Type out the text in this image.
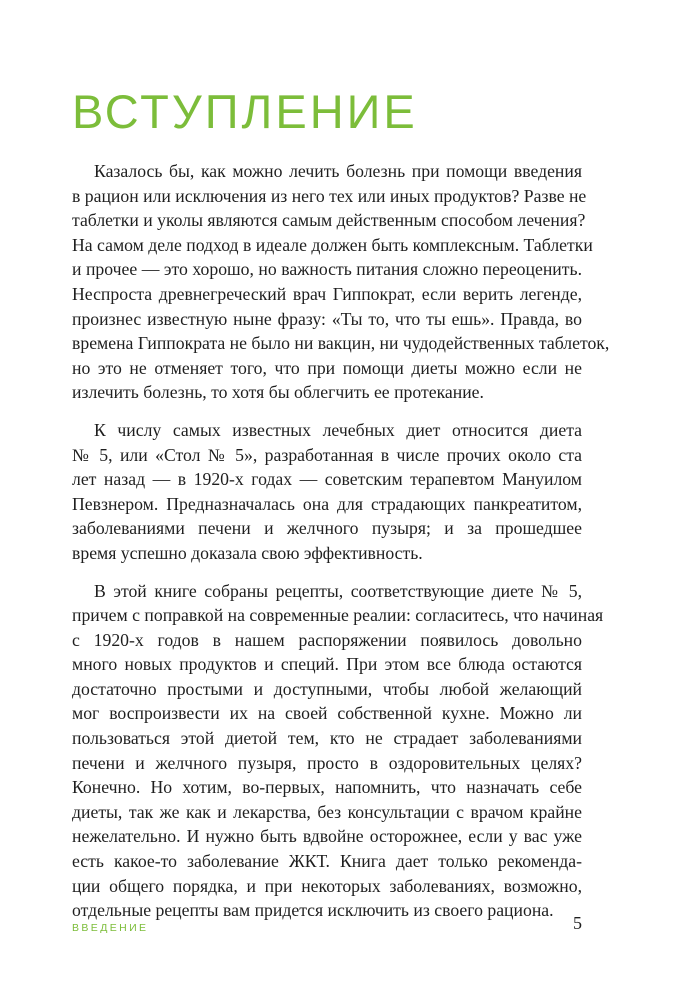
ВСТУПЛЕНИЕ

Казалось бы, как можно лечить болезнь при помощи введения
в рацион или исключения из него тех или иных продуктов? Разве не
таблетки и уколы являются самым действенным способом лечения?
На самом деле подход в идеале должен быть комплексным. Таблетки
и прочее — это хорошо, но важность питания сложно переоценить.
Неспроста древнегреческий врач Гиппократ, если верить легенде,
произнес известную ныне фразу: «Ты то, что ты ешь». Правда, во
времена Гиппократа не было ни вакцин, ни чудодейственных таблеток,
но это не отменяет того, что при помощи диеты можно если не
излечить болезнь, то хотя бы облегчить ее протекание.

К числу самых известных лечебных диет относится диета
№ 5, или «Стол № 5», разработанная в числе прочих около ста
лет назад — в 1920-х годах — советским терапевтом Мануилом
Певзнером. Предназначалась она для страдающих панкреатитом,
заболеваниями печени и желчного пузыря; и за прошедшее
время успешно доказала свою эффективность.

В этой книге собраны рецепты, соответствующие диете № 5,
причем с поправкой на современные реалии: согласитесь, что начиная
с 1920-х годов в нашем распоряжении появилось довольно
много новых продуктов и специй. При этом все блюда остаются
достаточно простыми и доступными, чтобы любой желающий
мог воспроизвести их на своей собственной кухне. Можно ли
пользоваться этой диетой тем, кто не страдает заболеваниями
печени и желчного пузыря, просто в оздоровительных целях?
Конечно. Но хотим, во-первых, напомнить, что назначать себе
диеты, так же как и лекарства, без консультации с врачом крайне
нежелательно. И нужно быть вдвойне осторожнее, если у вас уже
есть какое-то заболевание ЖКТ. Книга дает только рекоменда-
ции общего порядка, и при некоторых заболеваниях, возможно,
отдельные рецепты вам придется исключить из своего рациона.

ВВЕДЕНИЕ	5
